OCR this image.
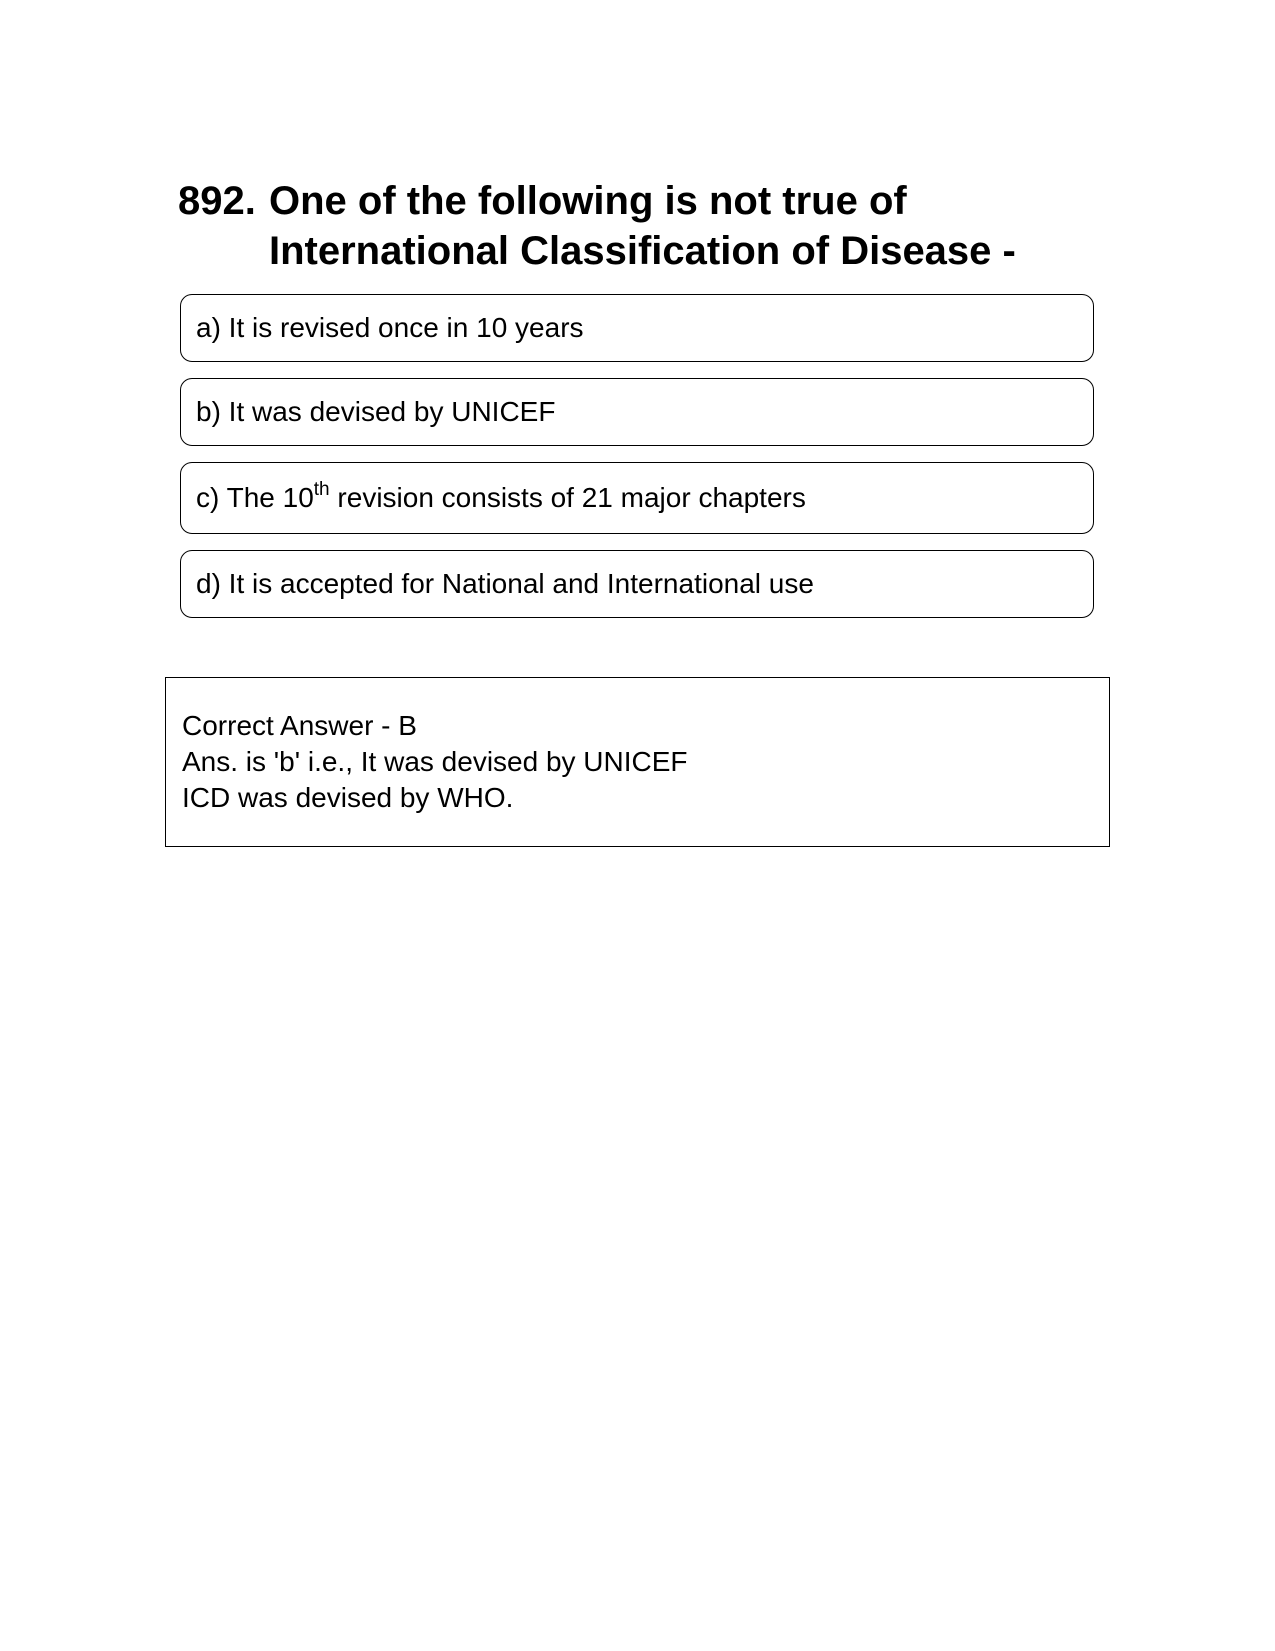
892. One of the following is not true of
International Classification of Disease -
a) It is revised once in 10 years
b) It was devised by UNICEF
c) The 10th revision consists of 21 major chapters
d) It is accepted for National and International use
Correct Answer - B
Ans. is 'b' i.e., It was devised by UNICEF
ICD was devised by WHO.
